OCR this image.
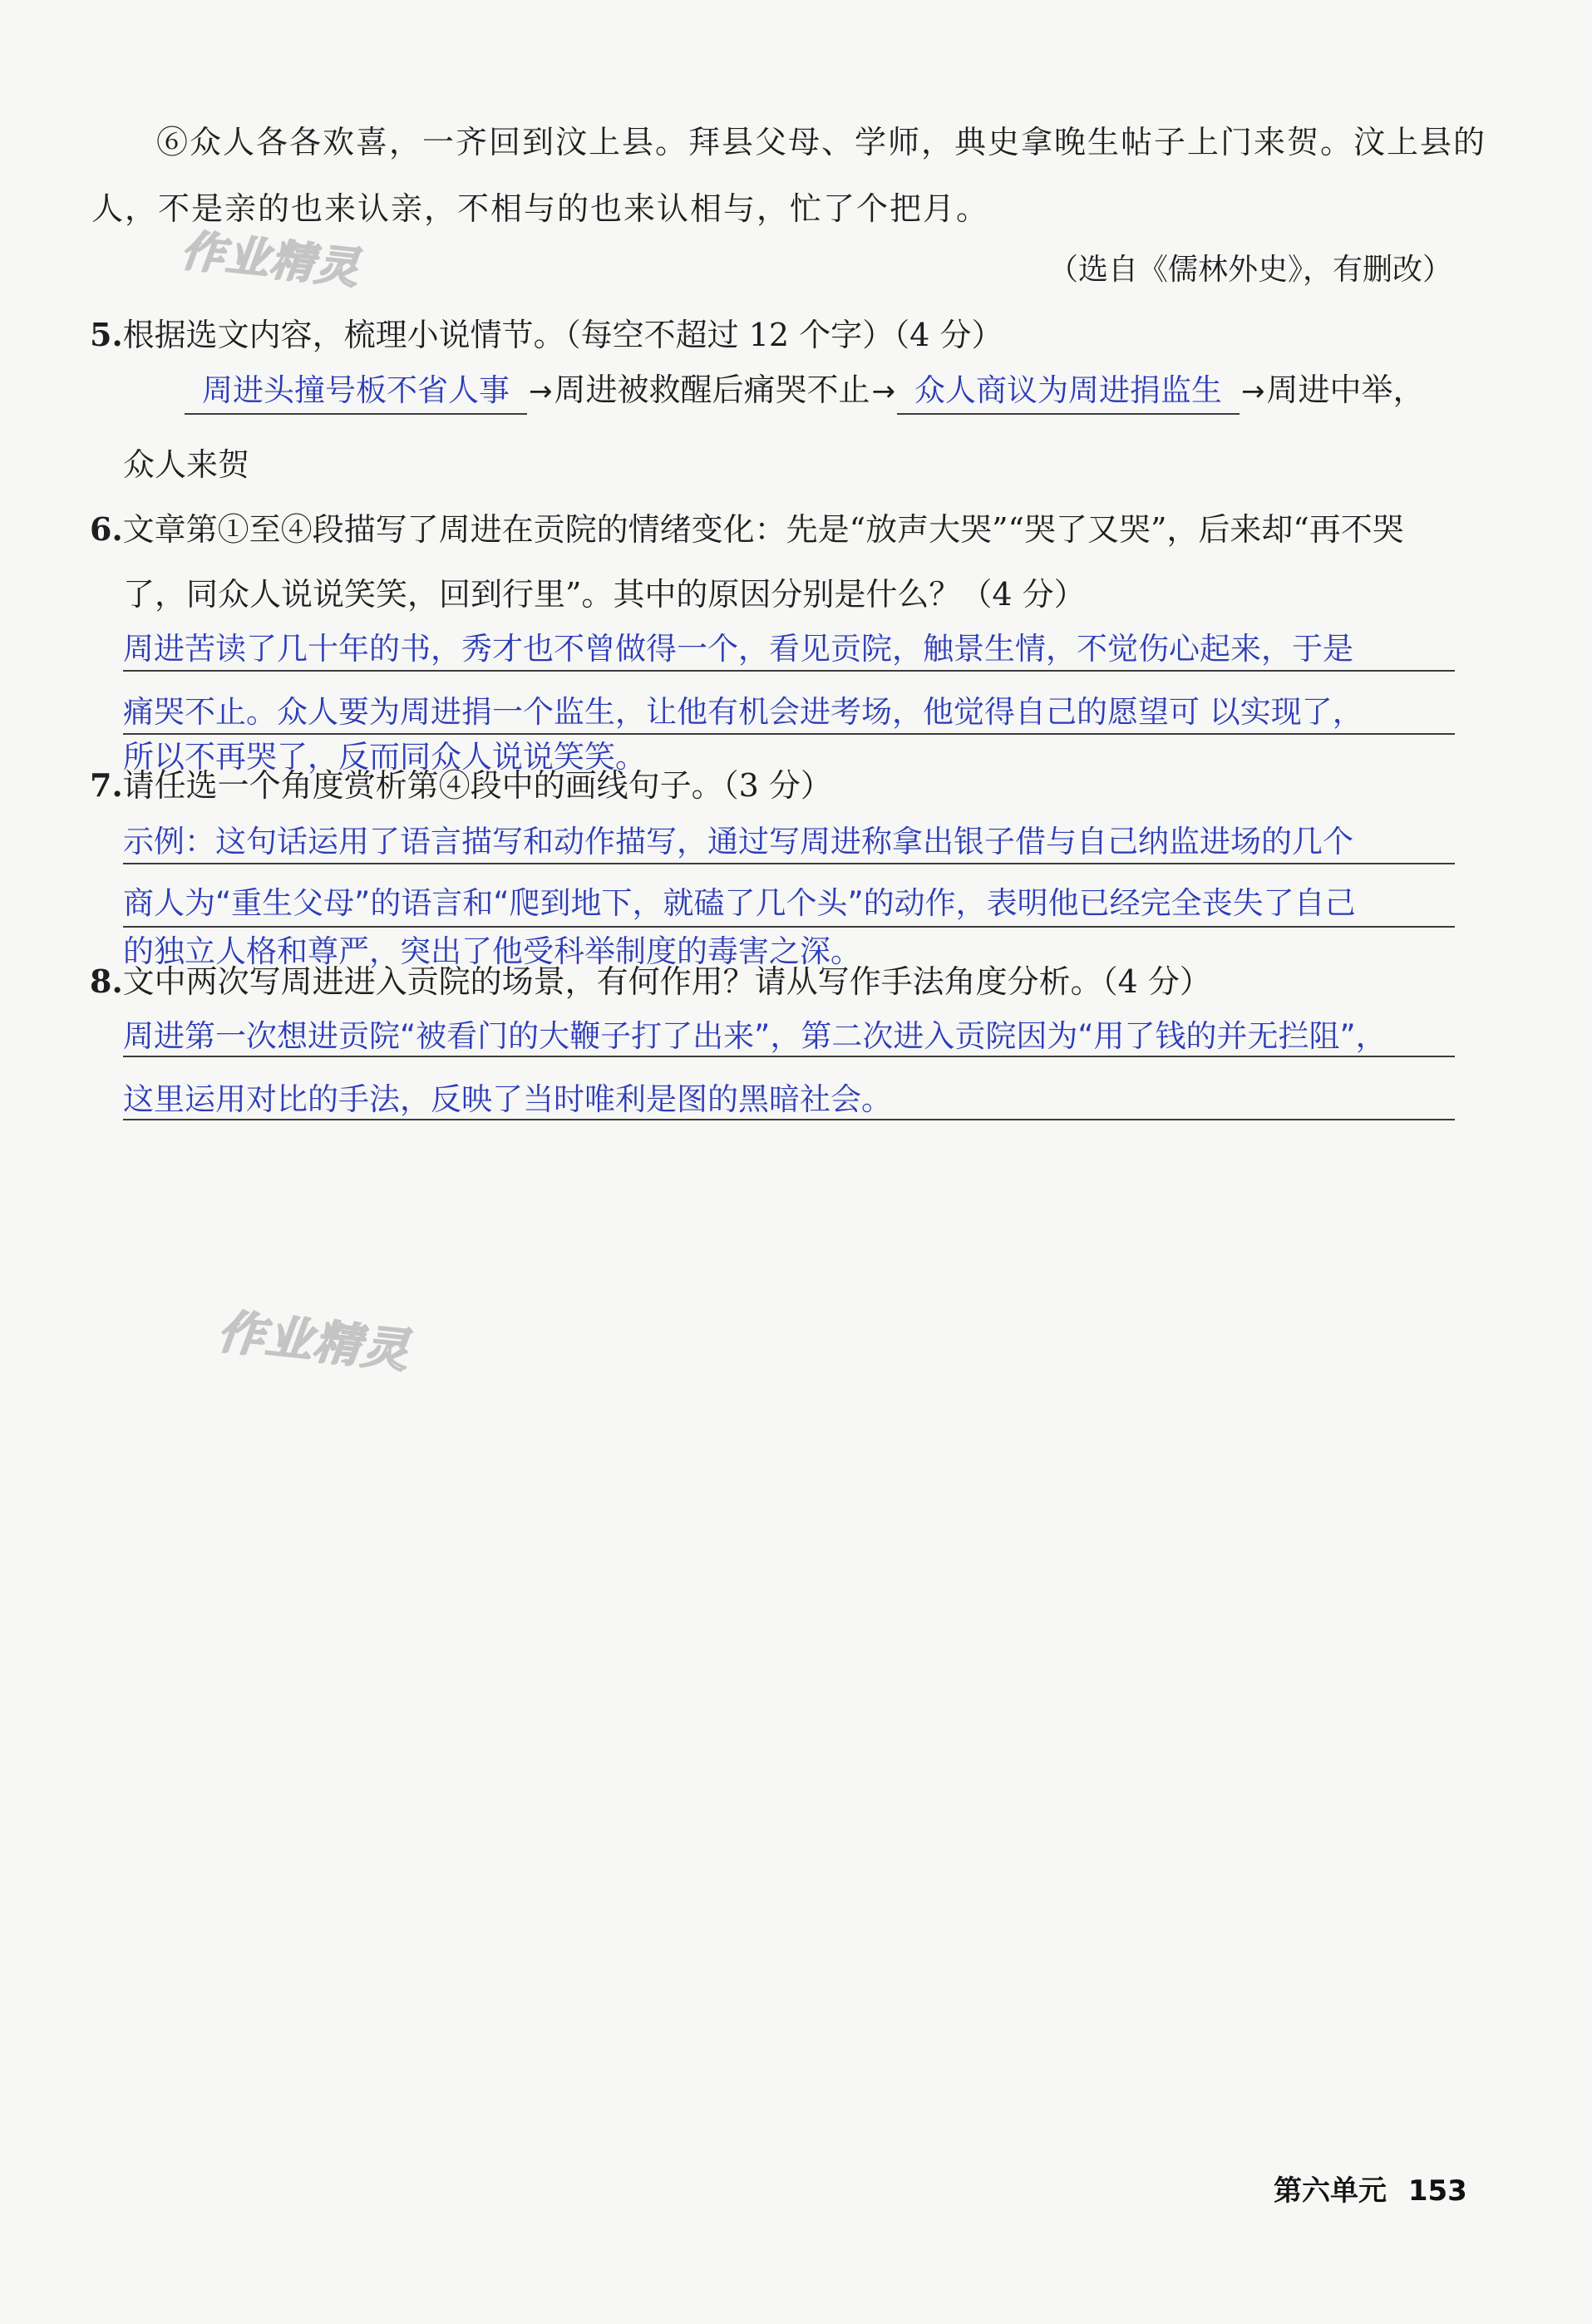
作业精灵
作业精灵
⑥众人各各欢喜，一齐回到汶上县。拜县父母、学师，典史拿晚生帖子上门来贺。汶上县的
人，不是亲的也来认亲，不相与的也来认相与，忙了个把月。
（选自《儒林外史》，有删改）
5.根据选文内容，梳理小说情节。（每空不超过 12 个字）（4 分）
周进头撞号板不省人事 →周进被救醒后痛哭不止→ 众人商议为周进捐监生 →周进中举，
众人来贺
6.文章第①至④段描写了周进在贡院的情绪变化：先是“放声大哭”“哭了又哭”，后来却“再不哭
了，同众人说说笑笑，回到行里”。其中的原因分别是什么？（4 分）
周进苦读了几十年的书，秀才也不曾做得一个，看见贡院，触景生情，不觉伤心起来，于是
痛哭不止。众人要为周进捐一个监生，让他有机会进考场，他觉得自己的愿望可 以实现了，
所以不再哭了，反而同众人说说笑笑。
7.请任选一个角度赏析第④段中的画线句子。（3 分）
示例：这句话运用了语言描写和动作描写，通过写周进称拿出银子借与自己纳监进场的几个
商人为“重生父母”的语言和“爬到地下，就磕了几个头”的动作，表明他已经完全丧失了自己
的独立人格和尊严，突出了他受科举制度的毒害之深。
8.文中两次写周进进入贡院的场景，有何作用？请从写作手法角度分析。（4 分）
周进第一次想进贡院“被看门的大鞭子打了出来”，第二次进入贡院因为“用了钱的并无拦阻”，
这里运用对比的手法，反映了当时唯利是图的黑暗社会。
第六单元 153
